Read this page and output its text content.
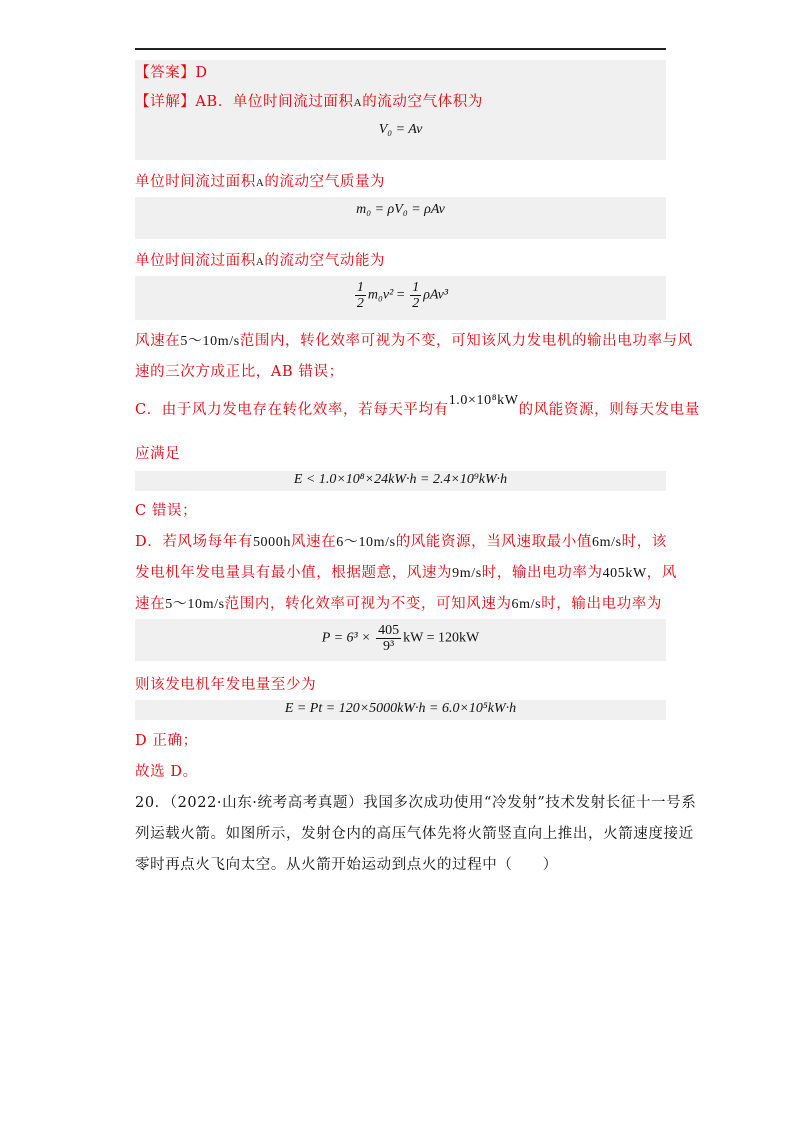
【答案】D
【详解】AB．单位时间流过面积A的流动空气体积为
V₀ = Av
单位时间流过面积A的流动空气质量为
m₀ = ρV₀ = ρAv
单位时间流过面积A的流动空气动能为
$\frac{1}{2} m_0v^2 = \frac{1}{2} \rho Av^3$
风速在5～10m/s范围内，转化效率可视为不变，可知该风力发电机的输出电功率与风
速的三次方成正比，AB 错误；
C．由于风力发电存在转化效率，若每天平均有1.0×10⁸kW的风能资源，则每天发电量
应满足
E < 1.0×10⁸×24kW·h = 2.4×10⁹kW·h
C 错误；
D．若风场每年有5000h风速在6～10m/s的风能资源，当风速取最小值6m/s时，该
发电机年发电量具有最小值，根据题意，风速为9m/s时，输出电功率为405kW，风
速在5～10m/s范围内，转化效率可视为不变，可知风速为6m/s时，输出电功率为
$P = 6^3 \times \frac{405}{\text{9³}}$ kW = 120kW
则该发电机年发电量至少为
E = Pt = 120×5000kW·h = 6.0×10⁵kW·h
D 正确；
故选 D。
20．（2022·山东·统考高考真题）我国多次成功使用“冷发射”技术发射长征十一号系
列运载火箭。如图所示，发射仓内的高压气体先将火箭竖直向上推出，火箭速度接近
零时再点火飞向太空。从火箭开始运动到点火的过程中（　　）
